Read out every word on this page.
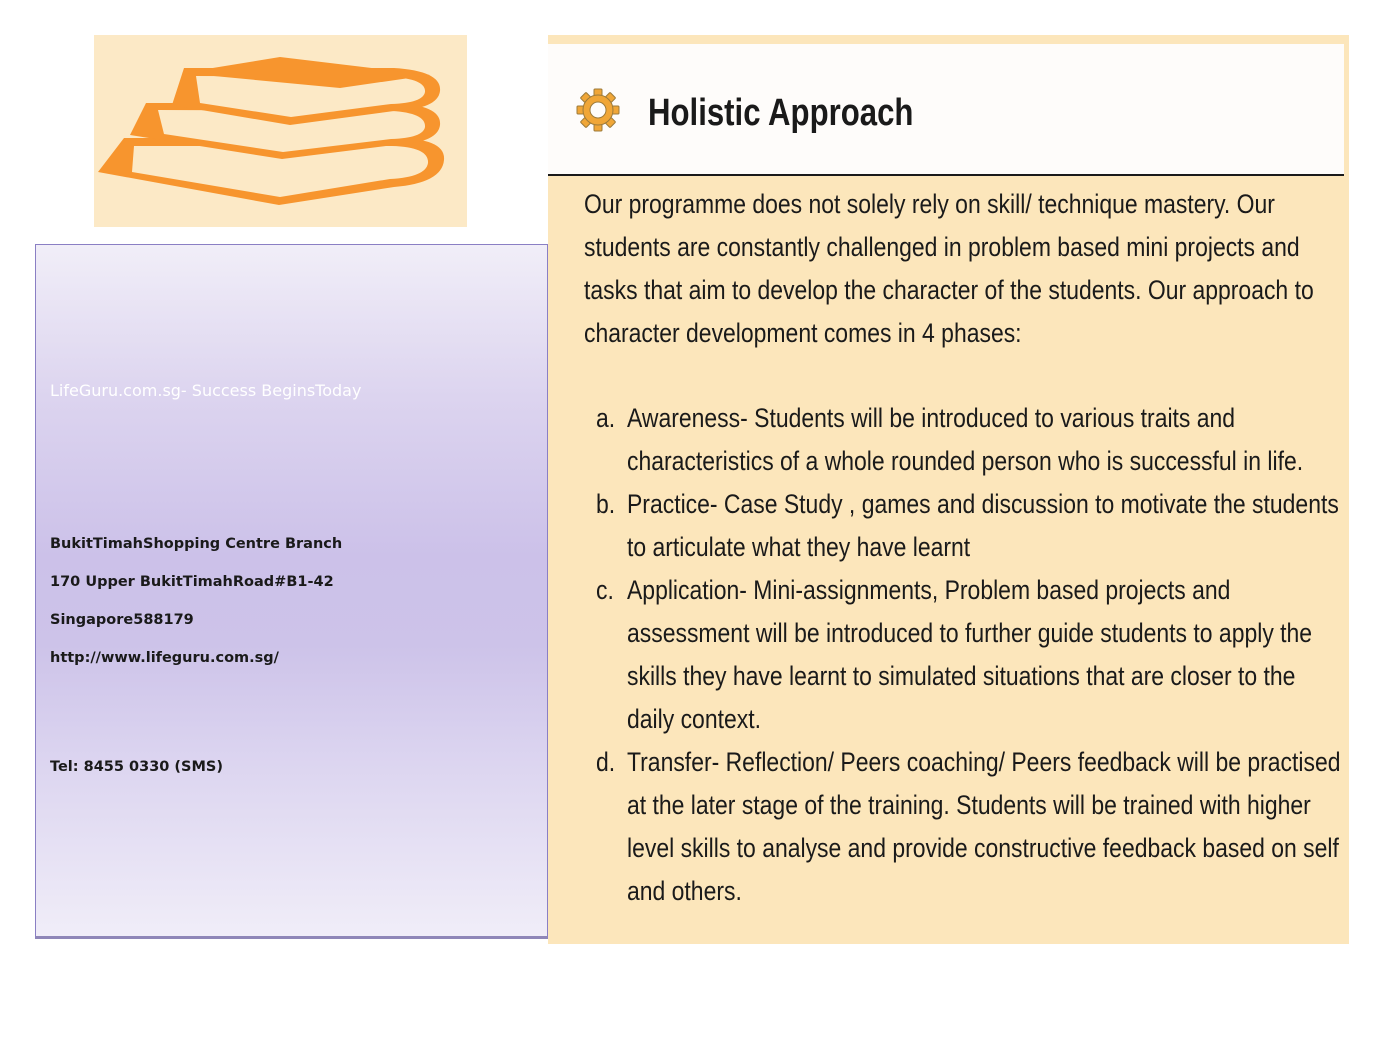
LifeGuru.com.sg- Success BeginsToday
BukitTimahShopping Centre Branch
170 Upper BukitTimahRoad#B1-42
Singapore588179
http://www.lifeguru.com.sg/
Tel: 8455 0330 (SMS)
Holistic Approach
Our programme does not solely rely on skill/ technique mastery. Our
students are constantly challenged in problem based mini projects and
tasks that aim to develop the character of the students. Our approach to
character development comes in 4 phases:
a. Awareness- Students will be introduced to various traits and
characteristics of a whole rounded person who is successful in life.
b. Practice- Case Study , games and discussion to motivate the students
to articulate what they have learnt
c. Application- Mini-assignments, Problem based projects and
assessment will be introduced to further guide students to apply the
skills they have learnt to simulated situations that are closer to the
daily context.
d. Transfer- Reflection/ Peers coaching/ Peers feedback will be practised
at the later stage of the training. Students will be trained with higher
level skills to analyse and provide constructive feedback based on self
and others.
